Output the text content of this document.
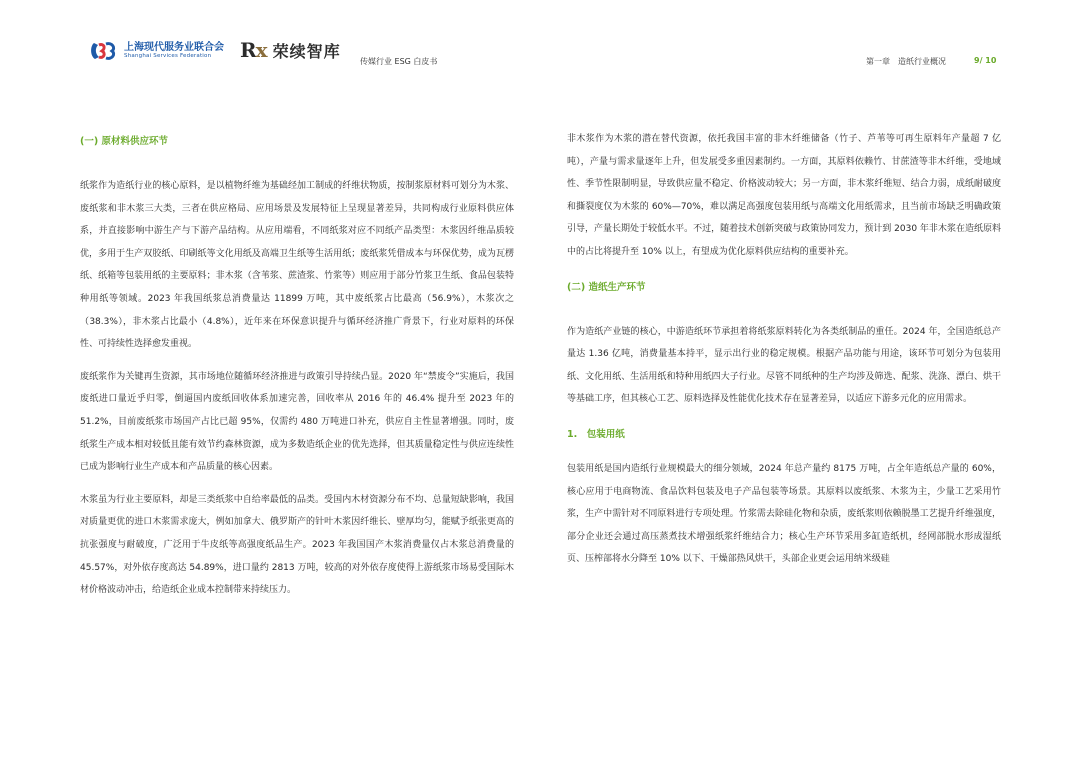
上海现代服务业联合会
Shanghai Services Federation	Rx 荣续智库
传媒行业 ESG 白皮书	第一章　造纸行业概况	9/ 10
(一) 原材料供应环节

纸浆作为造纸行业的核心原料，是以植物纤维为基础经加工制成的纤维状物质，按制浆原材料可划分为木浆、废纸浆和非木浆三大类，三者在供应格局、应用场景及发展特征上呈现显著差异，共同构成行业原料供应体系，并直接影响中游生产与下游产品结构。从应用端看，不同纸浆对应不同纸产品类型：木浆因纤维品质较优，多用于生产双胶纸、印刷纸等文化用纸及高端卫生纸等生活用纸；废纸浆凭借成本与环保优势，成为瓦楞纸、纸箱等包装用纸的主要原料；非木浆（含苇浆、蔗渣浆、竹浆等）则应用于部分竹浆卫生纸、食品包装特种用纸等领域。2023 年我国纸浆总消费量达 11899 万吨，其中废纸浆占比最高（56.9%），木浆次之（38.3%），非木浆占比最小（4.8%），近年来在环保意识提升与循环经济推广背景下，行业对原料的环保性、可持续性选择愈发重视。

废纸浆作为关键再生资源，其市场地位随循环经济推进与政策引导持续凸显。2020 年“禁废令”实施后，我国废纸进口量近乎归零，倒逼国内废纸回收体系加速完善，回收率从 2016 年的 46.4% 提升至 2023 年的 51.2%，目前废纸浆市场国产占比已超 95%，仅需约 480 万吨进口补充，供应自主性显著增强。同时，废纸浆生产成本相对较低且能有效节约森林资源，成为多数造纸企业的优先选择，但其质量稳定性与供应连续性已成为影响行业生产成本和产品质量的核心因素。

木浆虽为行业主要原料，却是三类纸浆中自给率最低的品类。受国内木材资源分布不均、总量短缺影响，我国对质量更优的进口木浆需求庞大，例如加拿大、俄罗斯产的针叶木浆因纤维长、壁厚均匀，能赋予纸张更高的抗张强度与耐破度，广泛用于牛皮纸等高强度纸品生产。2023 年我国国产木浆消费量仅占木浆总消费量的 45.57%，对外依存度高达 54.89%，进口量约 2813 万吨，较高的对外依存度使得上游纸浆市场易受国际木材价格波动冲击，给造纸企业成本控制带来持续压力。

非木浆作为木浆的潜在替代资源，依托我国丰富的非木纤维储备（竹子、芦苇等可再生原料年产量超 7 亿吨），产量与需求量逐年上升，但发展受多重因素制约。一方面，其原料依赖竹、甘蔗渣等非木纤维，受地域性、季节性限制明显，导致供应量不稳定、价格波动较大；另一方面，非木浆纤维短、结合力弱，成纸耐破度和撕裂度仅为木浆的 60%—70%，难以满足高强度包装用纸与高端文化用纸需求，且当前市场缺乏明确政策引导，产量长期处于较低水平。不过，随着技术创新突破与政策协同发力，预计到 2030 年非木浆在造纸原料中的占比将提升至 10% 以上，有望成为优化原料供应结构的重要补充。

(二) 造纸生产环节

作为造纸产业链的核心，中游造纸环节承担着将纸浆原料转化为各类纸制品的重任。2024 年，全国造纸总产量达 1.36 亿吨，消费量基本持平，显示出行业的稳定规模。根据产品功能与用途，该环节可划分为包装用纸、文化用纸、生活用纸和特种用纸四大子行业。尽管不同纸种的生产均涉及筛选、配浆、洗涤、漂白、烘干等基础工序，但其核心工艺、原料选择及性能优化技术存在显著差异，以适应下游多元化的应用需求。

1.　包装用纸

包装用纸是国内造纸行业规模最大的细分领域，2024 年总产量约 8175 万吨，占全年造纸总产量的 60%，核心应用于电商物流、食品饮料包装及电子产品包装等场景。其原料以废纸浆、木浆为主，少量工艺采用竹浆，生产中需针对不同原料进行专项处理。竹浆需去除硅化物和杂质，废纸浆则依赖脱墨工艺提升纤维强度，部分企业还会通过高压蒸煮技术增强纸浆纤维结合力；核心生产环节采用多缸造纸机，经网部脱水形成湿纸页、压榨部将水分降至 10% 以下、干燥部热风烘干，头部企业更会运用纳米级硅
